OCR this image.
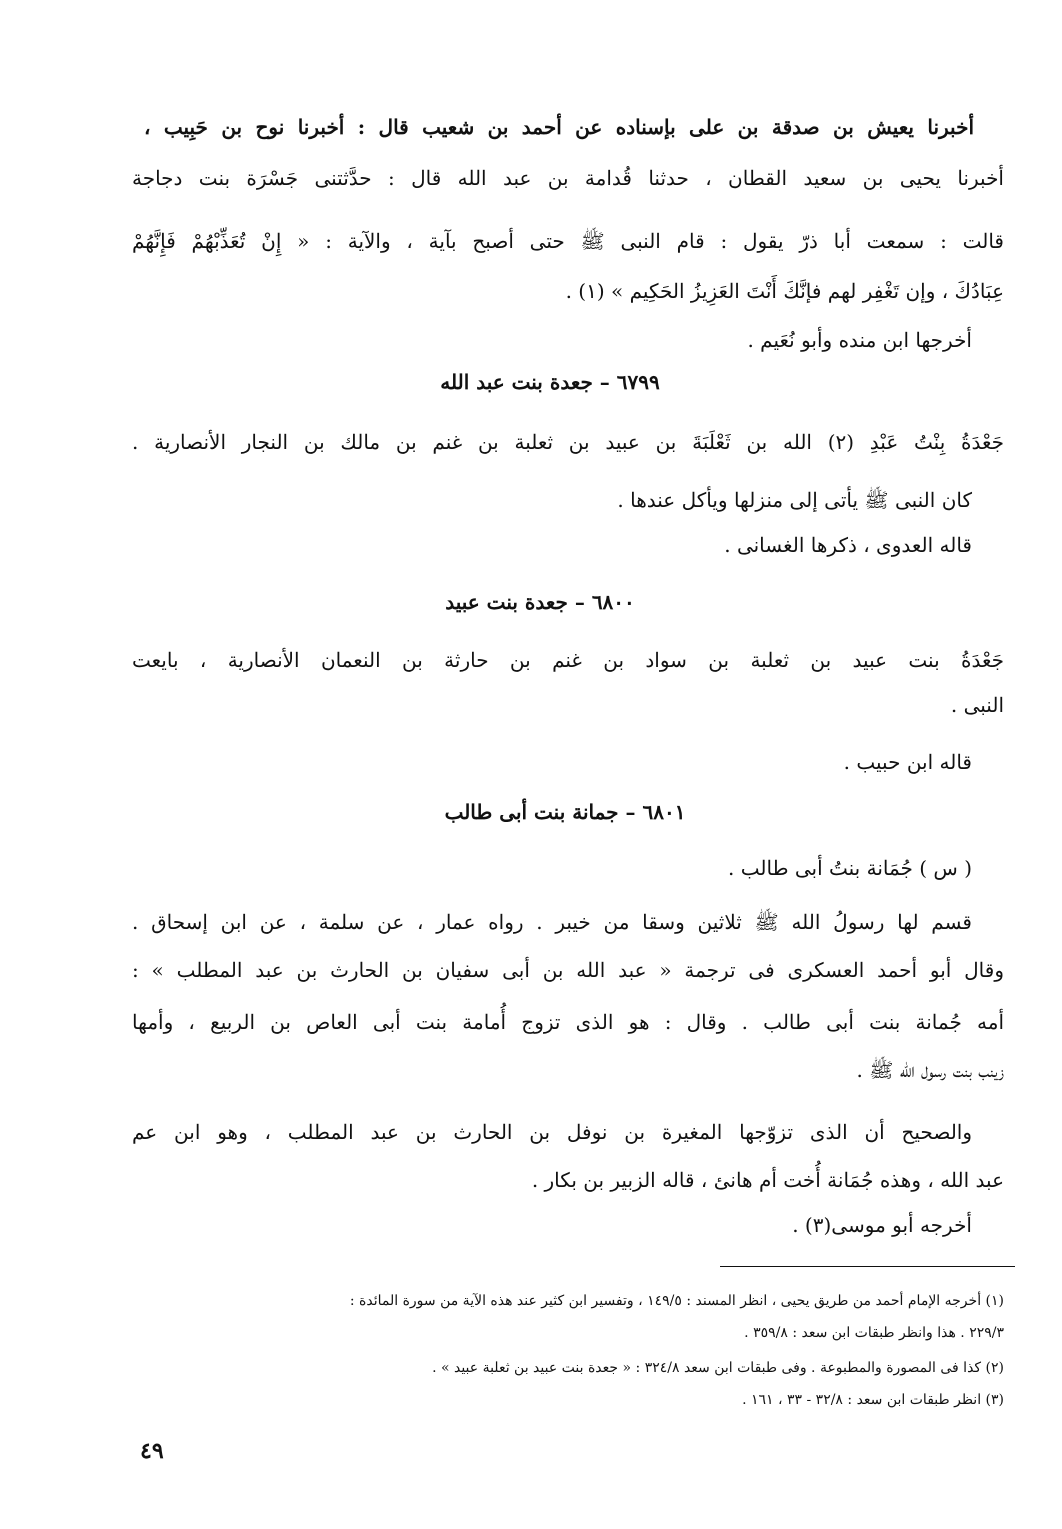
أخبرنا يعيش بن صدقة بن على بإسناده عن أحمد بن شعيب قال : أخبرنا نوح بن حَبِيب ،
أخبرنا يحيى بن سعيد القطان ، حدثنا قُدامة بن عبد الله قال : حدَّثتنى جَسْرَة بنت دجاجة
قالت : سمعت أبا ذرّ يقول : قام النبى ﷺ حتى أصبح بآية ، والآية : « إِنْ تُعَذِّبْهُمْ فَإِنَّهُمْ
عِبَادُكَ ، وإن تَغْفِر لهم فإنَّكَ أَنْتَ العَزِيزُ الحَكِيم » (١) .
أخرجها ابن منده وأبو نُعَيم .
٦٧٩٩ – جعدة بنت عبد الله
جَعْدَةُ بِنْتُ عَبْدِ (٢) الله بن ثَعْلَبَةَ بن عبيد بن ثعلبة بن غنم بن مالك بن النجار الأنصارية .
كان النبى ﷺ يأتى إلى منزلها ويأكل عندها .
قاله العدوى ، ذكرها الغسانى .
٦٨٠٠ – جعدة بنت عبيد
جَعْدَةُ بنت عبيد بن ثعلبة بن سواد بن غنم بن حارثة بن النعمان الأنصارية ، بايعت
النبى .
قاله ابن حبيب .
٦٨٠١ – جمانة بنت أبى طالب
( س ) جُمَانة بنتُ أبى طالب .
قسم لها رسولُ الله ﷺ ثلاثين وسقا من خيبر . رواه عمار ، عن سلمة ، عن ابن إسحاق .
وقال أبو أحمد العسكرى فى ترجمة « عبد الله بن أبى سفيان بن الحارث بن عبد المطلب » :
أمه جُمانة بنت أبى طالب . وقال : هو الذى تزوج أُمامة بنت أبى العاص بن الربيع ، وأمها
زينب بنت رسول الله ﷺ .
والصحيح أن الذى تزوّجها المغيرة بن نوفل بن الحارث بن عبد المطلب ، وهو ابن عم
عبد الله ، وهذه جُمَانة أُخت أم هانئ ، قاله الزبير بن بكار .
أخرجه أبو موسى(٣) .
(١) أخرجه الإمام أحمد من طريق يحيى ، انظر المسند : ١٤٩/٥ ، وتفسير ابن كثير عند هذه الآية من سورة المائدة :
٢٢٩/٣ . هذا وانظر طبقات ابن سعد : ٣٥٩/٨ .
(٢) كذا فى المصورة والمطبوعة . وفى طبقات ابن سعد ٣٢٤/٨ : « جعدة بنت عبيد بن ثعلبة عبيد » .
(٣) انظر طبقات ابن سعد : ٣٢/٨ - ٣٣ ، ١٦١ .
٤٩
